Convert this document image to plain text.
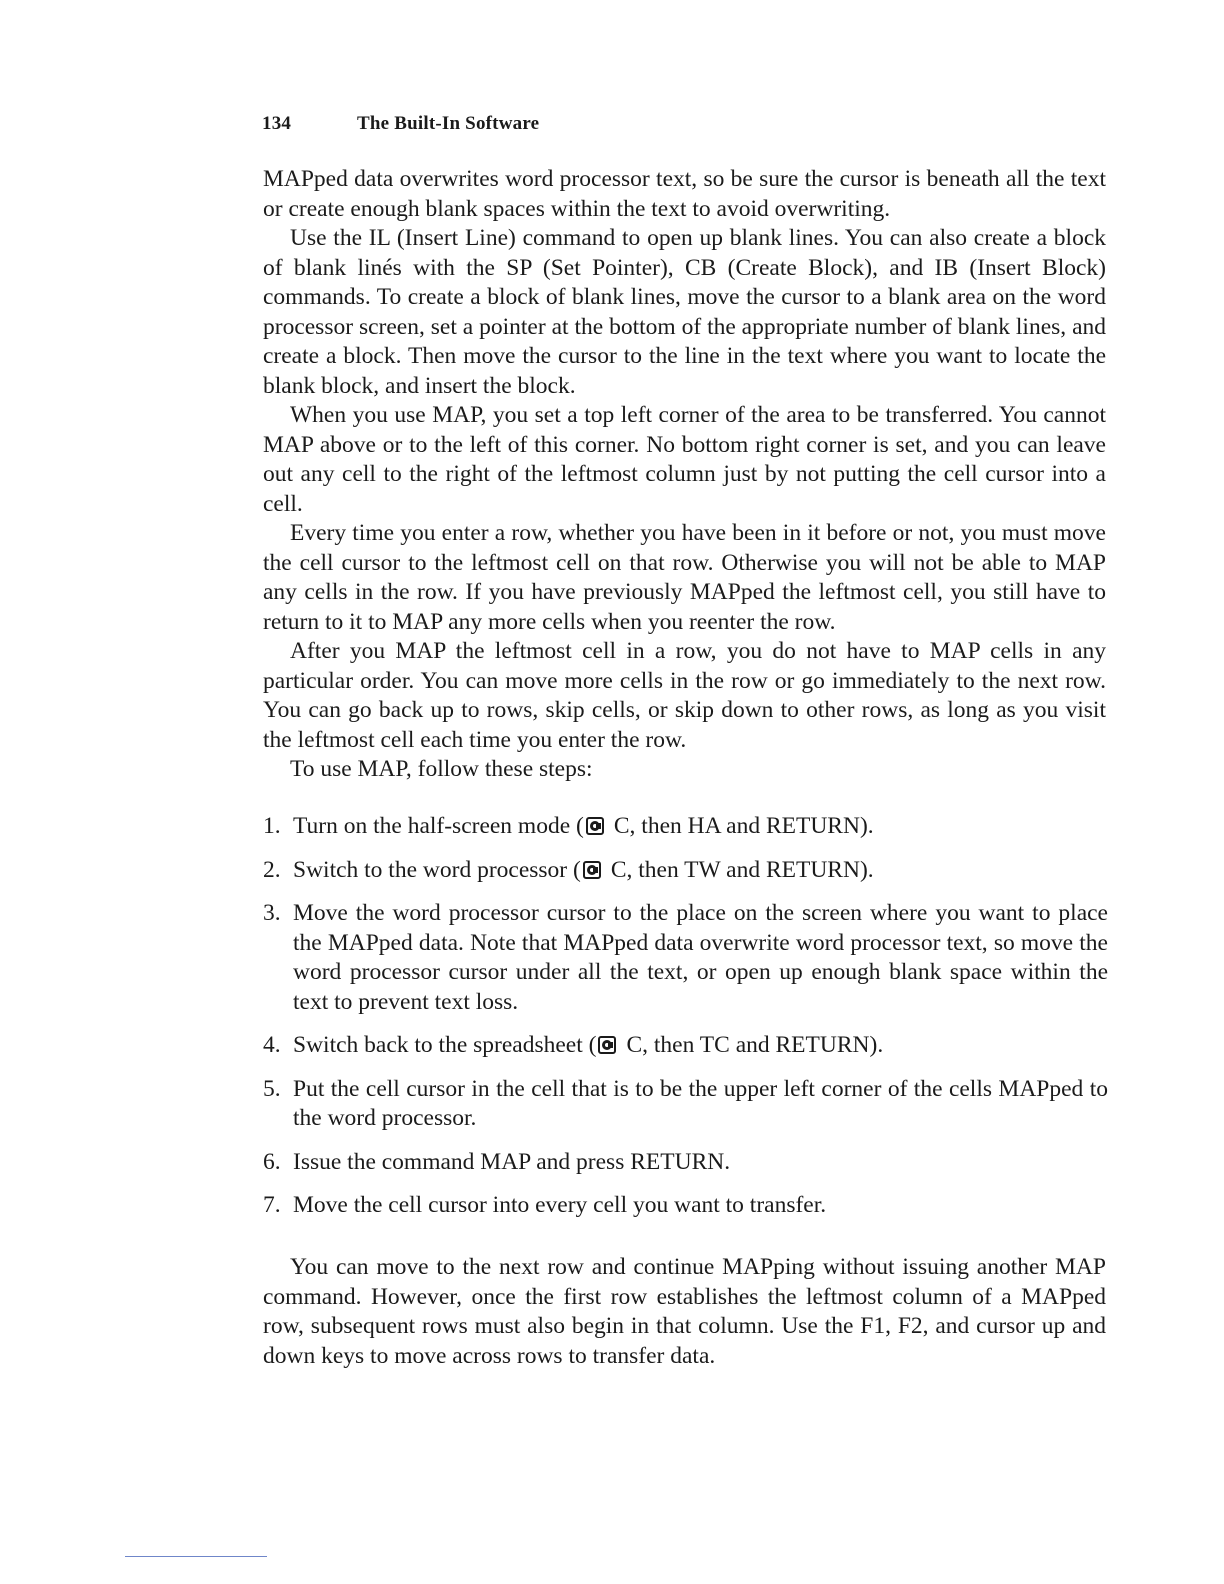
134	The Built-In Software

MAPped data overwrites word processor text, so be sure the cursor is beneath all the text or create enough blank spaces within the text to avoid overwriting.

Use the IL (Insert Line) command to open up blank lines. You can also create a block of blank linés with the SP (Set Pointer), CB (Create Block), and IB (Insert Block) commands. To create a block of blank lines, move the cursor to a blank area on the word processor screen, set a pointer at the bottom of the appropriate number of blank lines, and create a block. Then move the cursor to the line in the text where you want to locate the blank block, and insert the block.

When you use MAP, you set a top left corner of the area to be transferred. You cannot MAP above or to the left of this corner. No bottom right corner is set, and you can leave out any cell to the right of the leftmost column just by not putting the cell cursor into a cell.

Every time you enter a row, whether you have been in it before or not, you must move the cell cursor to the leftmost cell on that row. Otherwise you will not be able to MAP any cells in the row. If you have previously MAPped the leftmost cell, you still have to return to it to MAP any more cells when you reenter the row.

After you MAP the leftmost cell in a row, you do not have to MAP cells in any particular order. You can move more cells in the row or go immediately to the next row. You can go back up to rows, skip cells, or skip down to other rows, as long as you visit the leftmost cell each time you enter the row.

To use MAP, follow these steps:

1. Turn on the half-screen mode ( C, then HA and RETURN).
2. Switch to the word processor ( C, then TW and RETURN).
3. Move the word processor cursor to the place on the screen where you want to place the MAPped data. Note that MAPped data overwrite word processor text, so move the word processor cursor under all the text, or open up enough blank space within the text to prevent text loss.
4. Switch back to the spreadsheet ( C, then TC and RETURN).
5. Put the cell cursor in the cell that is to be the upper left corner of the cells MAPped to the word processor.
6. Issue the command MAP and press RETURN.
7. Move the cell cursor into every cell you want to transfer.

You can move to the next row and continue MAPping without issuing another MAP command. However, once the first row establishes the leftmost column of a MAPped row, subsequent rows must also begin in that column. Use the F1, F2, and cursor up and down keys to move across rows to transfer data.
